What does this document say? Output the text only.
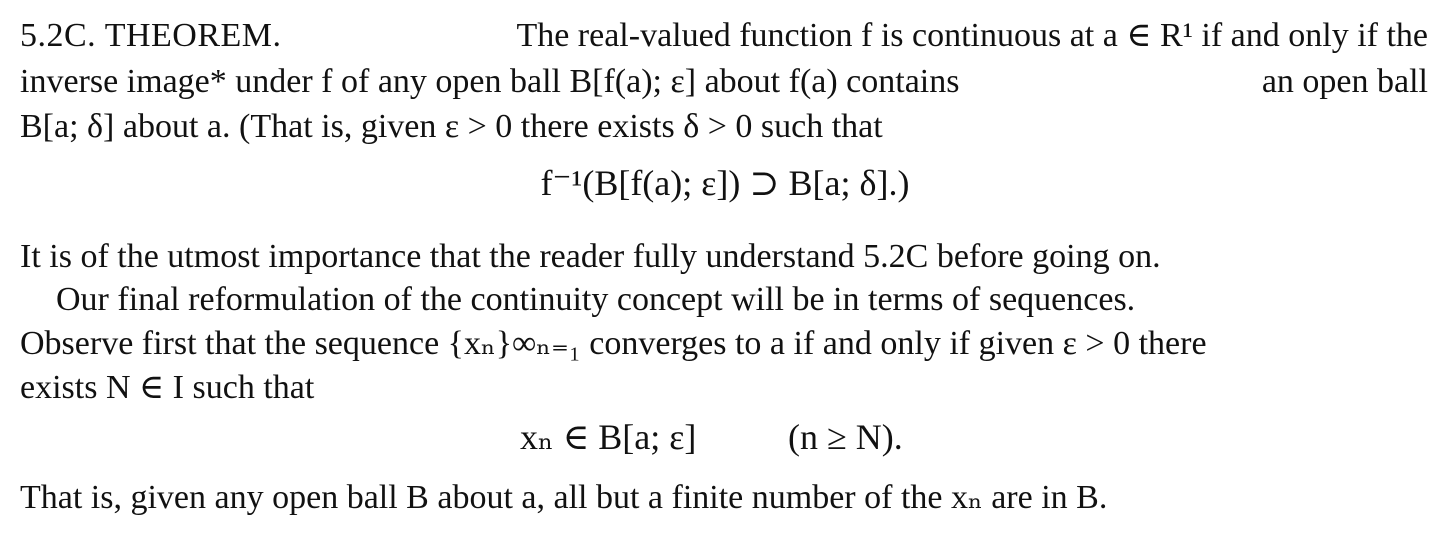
5.2C. THEOREM.	The real-valued function f is continuous at a ∈ R¹ if and only if the
inverse image* under f of any open ball B[f(a); ε] about f(a) contains	an open ball
B[a; δ] about a. (That is, given ε > 0 there exists δ > 0 such that
f⁻¹(B[f(a); ε]) ⊃ B[a; δ].)
It is of the utmost importance that the reader fully understand 5.2C before going on.
Our final reformulation of the continuity concept will be in terms of sequences.
Observe first that the sequence {xₙ}∞ₙ₌₁ converges to a if and only if given ε > 0 there
exists N ∈ I such that
xₙ ∈ B[a; ε]	(n ≥ N).
That is, given any open ball B about a, all but a finite number of the xₙ are in B.
